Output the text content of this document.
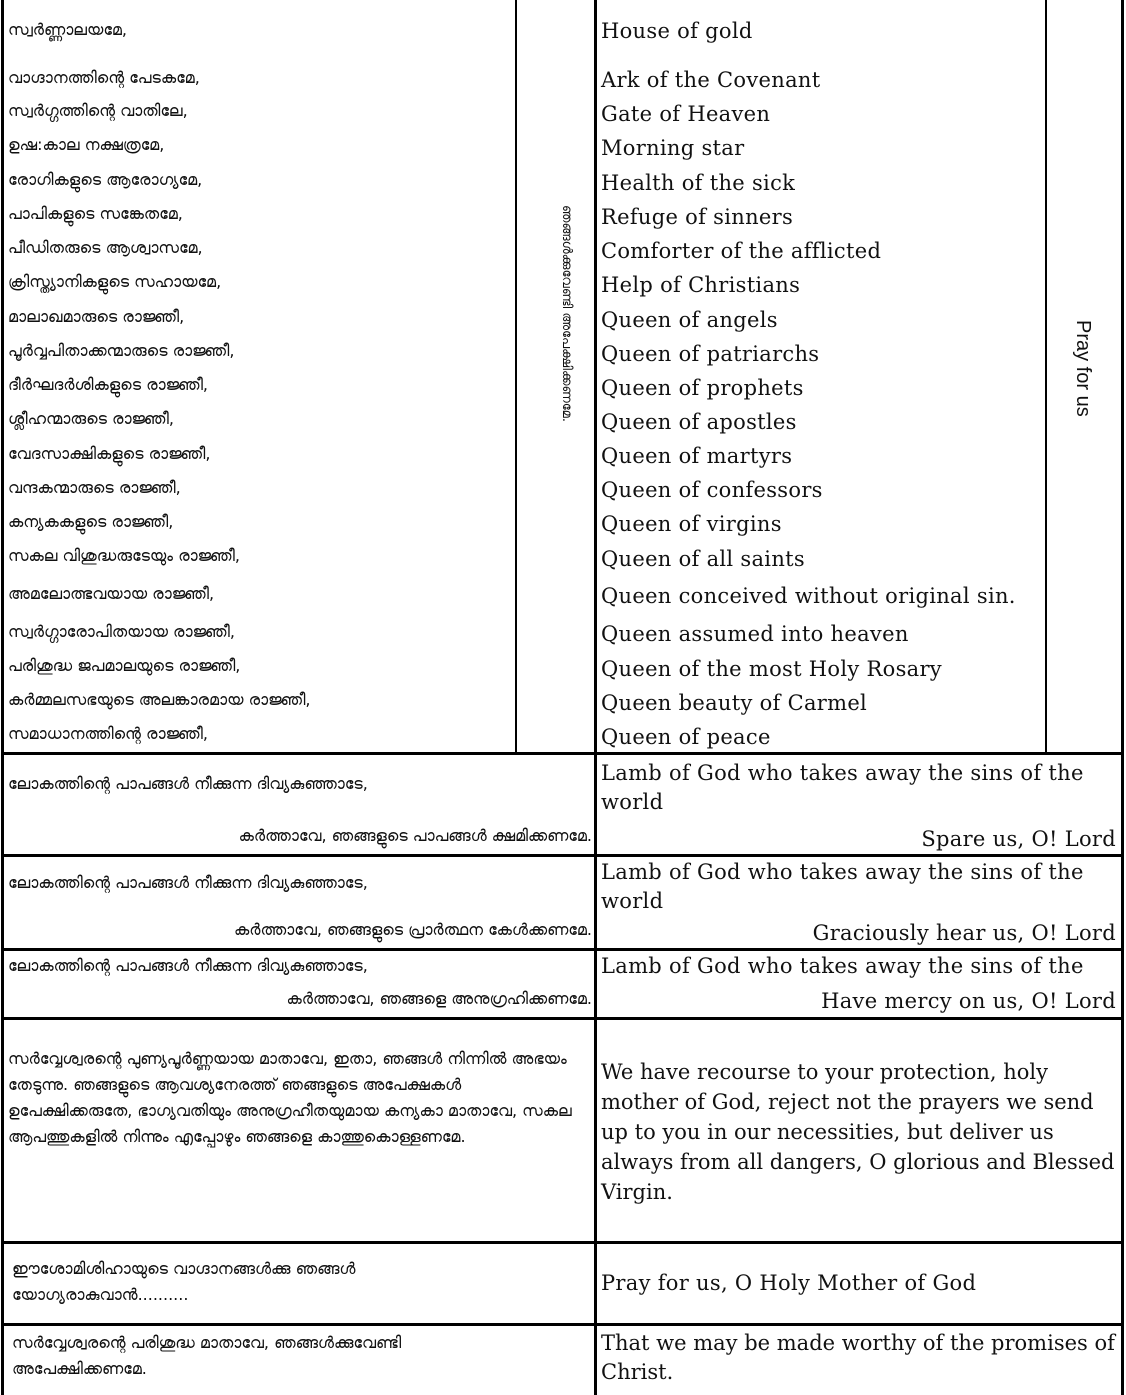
സ്വർണ്ണാലയമേ,
വാഗ്ദാനത്തിന്റെ പേടകമേ,
സ്വർഗ്ഗത്തിന്റെ വാതിലേ,
ഉഷ:കാല നക്ഷത്രമേ,
രോഗികളുടെ ആരോഗ്യമേ,
പാപികളുടെ സങ്കേതമേ,
പീഡിതരുടെ ആശ്വാസമേ,
ക്രിസ്ത്യാനികളുടെ സഹായമേ,
മാലാഖമാരുടെ രാജ്ഞീ,
പൂർവ്വപിതാക്കന്മാരുടെ രാജ്ഞീ,
ദീർഘദർശികളുടെ രാജ്ഞീ,
ശ്ലീഹന്മാരുടെ രാജ്ഞീ,
വേദസാക്ഷികളുടെ രാജ്ഞീ,
വന്ദകന്മാരുടെ രാജ്ഞീ,
കന്യകകളുടെ രാജ്ഞീ,
സകല വിശുദ്ധരുടേയും രാജ്ഞീ,
അമലോത്ഭവയായ രാജ്ഞീ,
സ്വർഗ്ഗാരോപിതയായ രാജ്ഞീ,
പരിശുദ്ധ ജപമാലയുടെ രാജ്ഞീ,
കർമ്മലസഭയുടെ അലങ്കാരമായ രാജ്ഞീ,
സമാധാനത്തിന്റെ രാജ്ഞീ,
ഞങ്ങൾക്കുവേണ്ടി അപേക്ഷിക്കണമേ.
House of gold
Ark of the Covenant
Gate of Heaven
Morning star
Health of the sick
Refuge of sinners
Comforter of the afflicted
Help of Christians
Queen of angels
Queen of patriarchs
Queen of prophets
Queen of apostles
Queen of martyrs
Queen of confessors
Queen of virgins
Queen of all saints
Queen conceived without original sin.
Queen assumed into heaven
Queen of the most Holy Rosary
Queen beauty of Carmel
Queen of peace
Pray for us
ലോകത്തിന്റെ പാപങ്ങൾ നീക്കുന്ന ദിവ്യകുഞ്ഞാടേ,
കർത്താവേ, ഞങ്ങളുടെ പാപങ്ങൾ ക്ഷമിക്കണമേ.
Lamb of God who takes away the sins of the
world
Spare us, O! Lord
ലോകത്തിന്റെ പാപങ്ങൾ നീക്കുന്ന ദിവ്യകുഞ്ഞാടേ,
കർത്താവേ, ഞങ്ങളുടെ പ്രാർത്ഥന കേൾക്കണമേ.
Lamb of God who takes away the sins of the
world
Graciously hear us, O! Lord
ലോകത്തിന്റെ പാപങ്ങൾ നീക്കുന്ന ദിവ്യകുഞ്ഞാടേ,
കർത്താവേ, ഞങ്ങളെ അനുഗ്രഹിക്കണമേ.
Lamb of God who takes away the sins of the
Have mercy on us, O! Lord
സർവ്വേശ്വരന്റെ പുണ്യപൂർണ്ണയായ മാതാവേ, ഇതാ, ഞങ്ങൾ നിന്നിൽ അഭയം തേടുന്നു. ഞങ്ങളുടെ ആവശ്യനേരത്ത് ഞങ്ങളുടെ അപേക്ഷകൾ ഉപേക്ഷിക്കരുതേ, ഭാഗ്യവതിയും അനുഗ്രഹീതയുമായ കന്യകാ മാതാവേ, സകല ആപത്തുകളിൽ നിന്നും എപ്പോഴും ഞങ്ങളെ കാത്തുകൊള്ളണമേ.
We have recourse to your protection, holy mother of God, reject not the prayers we send up to you in our necessities, but deliver us always from all dangers, O glorious and Blessed Virgin.
ഈശോമിശിഹായുടെ വാഗ്ദാനങ്ങൾക്കു ഞങ്ങൾ യോഗ്യരാകുവാൻ..........	Pray for us, O Holy Mother of God
സർവ്വേശ്വരന്റെ പരിശുദ്ധ മാതാവേ, ഞങ്ങൾക്കുവേണ്ടി അപേക്ഷിക്കണമേ.
That we may be made worthy of the promises of Christ.
